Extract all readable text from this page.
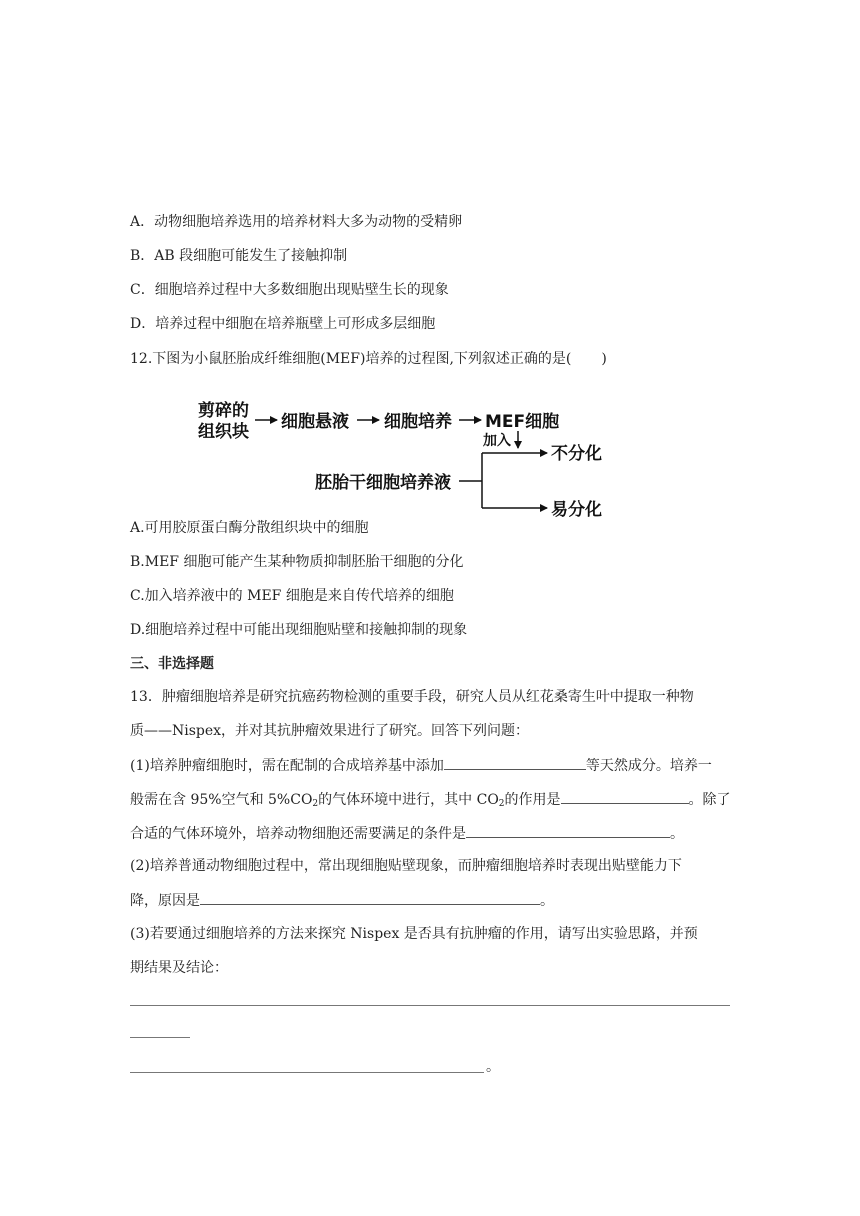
A．动物细胞培养选用的培养材料大多为动物的受精卵
B．AB 段细胞可能发生了接触抑制
C．细胞培养过程中大多数细胞出现贴壁生长的现象
D．培养过程中细胞在培养瓶壁上可形成多层细胞
12.下图为小鼠胚胎成纤维细胞(MEF)培养的过程图,下列叙述正确的是( )
剪碎的
组织块 细胞悬液 细胞培养 MEF细胞
加入
胚胎干细胞培养液
不分化
易分化
A.可用胶原蛋白酶分散组织块中的细胞
B.MEF 细胞可能产生某种物质抑制胚胎干细胞的分化
C.加入培养液中的 MEF 细胞是来自传代培养的细胞
D.细胞培养过程中可能出现细胞贴壁和接触抑制的现象
三、非选择题
13．肿瘤细胞培养是研究抗癌药物检测的重要手段，研究人员从红花桑寄生叶中提取一种物
质——Nispex，并对其抗肿瘤效果进行了研究。回答下列问题：
(1)培养肿瘤细胞时，需在配制的合成培养基中添加	等天然成分。培养一
般需在含 95%空气和 $5\%CO_2$的气体环境中进行，其中 $CO_2$的作用是	。除了
合适的气体环境外，培养动物细胞还需要满足的条件是	。
(2)培养普通动物细胞过程中，常出现细胞贴壁现象，而肿瘤细胞培养时表现出贴壁能力下
降，原因是	。
(3)若要通过细胞培养的方法来探究 Nispex 是否具有抗肿瘤的作用，请写出实验思路，并预
期结果及结论：
。
